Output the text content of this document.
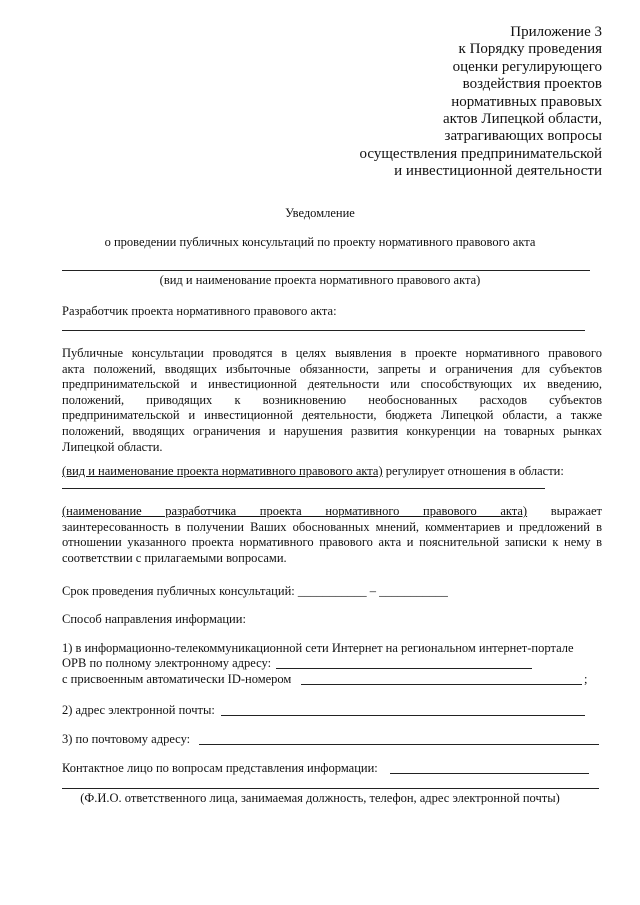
Приложение 3
к Порядку проведения
оценки регулирующего
воздействия проектов
нормативных правовых
актов Липецкой области,
затрагивающих вопросы
осуществления предпринимательской
и инвестиционной деятельности
Уведомление
о проведении публичных консультаций по проекту нормативного правового акта
(вид и наименование проекта нормативного правового акта)
Разработчик проекта нормативного правового акта:
Публичные консультации проводятся в целях выявления в проекте нормативного правового
акта положений, вводящих избыточные обязанности, запреты и ограничения для субъектов
предпринимательской и инвестиционной деятельности или способствующих их введению,
положений, приводящих к возникновению необоснованных расходов субъектов
предпринимательской и инвестиционной деятельности, бюджета Липецкой области, а также
положений, вводящих ограничения и нарушения развития конкуренции на товарных рынках
Липецкой области.
(вид и наименование проекта нормативного правового акта) регулирует отношения в области:
(наименование разработчика проекта нормативного правового акта) выражает
заинтересованность в получении Ваших обоснованных мнений, комментариев и предложений в
отношении указанного проекта нормативного правового акта и пояснительной записки к нему в
соответствии с прилагаемыми вопросами.
Срок проведения публичных консультаций: ___________ – ___________
Способ направления информации:
1) в информационно-телекоммуникационной сети Интернет на региональном интернет-портале
ОРВ по полному электронному адресу:
с присвоенным автоматически ID-номером	;
2) адрес электронной почты:
3) по почтовому адресу:
Контактное лицо по вопросам представления информации:
(Ф.И.О. ответственного лица, занимаемая должность, телефон, адрес электронной почты)
